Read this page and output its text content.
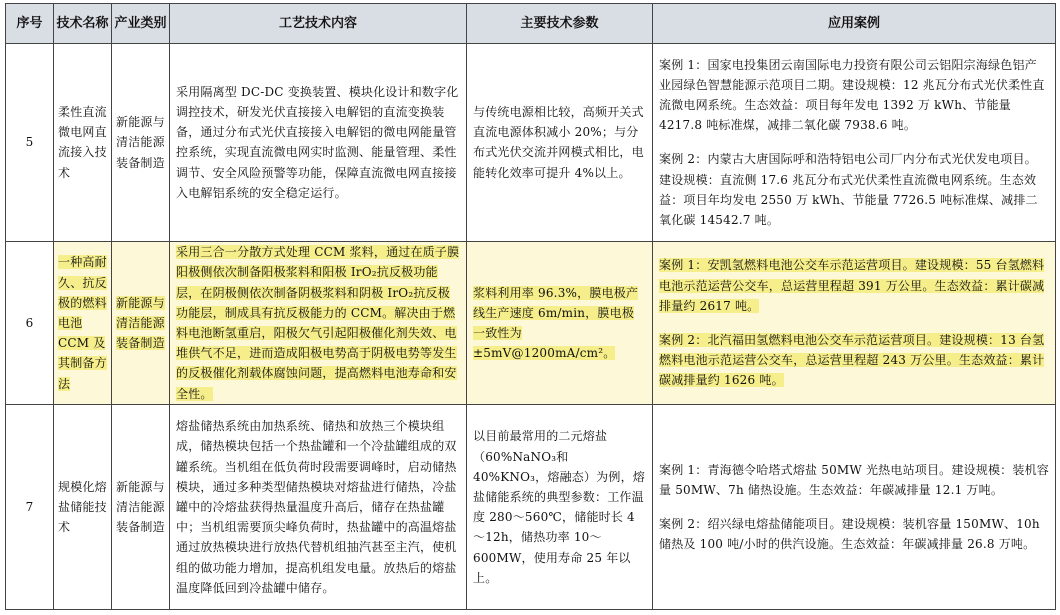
序号	技术名称	产业类别	工艺技术内容	主要技术参数	应用案例
5	柔性直流微电网直流接入技术	新能源与清洁能源装备制造	采用隔离型 DC-DC 变换装置、模块化设计和数字化调控技术，研发光伏直接接入电解铝的直流变换装备，通过分布式光伏直接接入电解铝的微电网能量管控系统，实现直流微电网实时监测、能量管理、柔性调节、安全风险预警等功能，保障直流微电网直接接入电解铝系统的安全稳定运行。	与传统电源相比较，高频开关式直流电源体积减小 20%；与分布式光伏交流并网模式相比，电能转化效率可提升 4%以上。	案例 1：国家电投集团云南国际电力投资有限公司云铝阳宗海绿色铝产业园绿色智慧能源示范项目二期。建设规模：12 兆瓦分布式光伏柔性直流微电网系统。生态效益：项目每年发电 1392 万 kWh、节能量 4217.8 吨标准煤，减排二氧化碳 7938.6 吨。

案例 2：内蒙古大唐国际呼和浩特铝电公司厂内分布式光伏发电项目。建设规模：直流侧 17.6 兆瓦分布式光伏柔性直流微电网系统。生态效益：项目年均发电 2550 万 kWh、节能量 7726.5 吨标准煤、减排二氧化碳 14542.7 吨。

6	一种高耐久、抗反极的燃料电池 CCM 及其制备方法	新能源与清洁能源装备制造	采用三合一分散方式处理 CCM 浆料，通过在质子膜阳极侧依次制备阳极浆料和阳极 IrO₂抗反极功能层，在阴极侧依次制备阴极浆料和阴极 IrO₂抗反极功能层，制成具有抗反极能力的 CCM。解决由于燃料电池断氢重启，阳极欠气引起阳极催化剂失效、电堆供气不足，进而造成阳极电势高于阴极电势等发生的反极催化剂载体腐蚀问题，提高燃料电池寿命和安全性。	浆料利用率 96.3%，膜电极产线生产速度 6m/min，膜电极一致性为±5mV@1200mA/cm²。	案例 1：安凯氢燃料电池公交车示范运营项目。建设规模：55 台氢燃料电池示范运营公交车，总运营里程超 391 万公里。生态效益：累计碳减排量约 2617 吨。

案例 2：北汽福田氢燃料电池公交车示范运营项目。建设规模：13 台氢燃料电池示范运营公交车，总运营里程超 243 万公里。生态效益：累计碳减排量约 1626 吨。

7	规模化熔盐储能技术	新能源与清洁能源装备制造	熔盐储热系统由加热系统、储热和放热三个模块组成，储热模块包括一个热盐罐和一个冷盐罐组成的双罐系统。当机组在低负荷时段需要调峰时，启动储热模块，通过多种类型储热模块对熔盐进行储热，冷盐罐中的冷熔盐获得热量温度升高后，储存在热盐罐中；当机组需要顶尖峰负荷时，热盐罐中的高温熔盐通过放热模块进行放热代替机组抽汽甚至主汽，使机组的做功能力增加，提高机组发电量。放热后的熔盐温度降低回到冷盐罐中储存。	以目前最常用的二元熔盐（60%NaNO₃和 40%KNO₃，熔融态）为例，熔盐储能系统的典型参数：工作温度 280～560℃，储能时长 4～12h，储热功率 10～600MW，使用寿命 25 年以上。	案例 1：青海德令哈塔式熔盐 50MW 光热电站项目。建设规模：装机容量 50MW、7h 储热设施。生态效益：年碳减排量 12.1 万吨。

案例 2：绍兴绿电熔盐储能项目。建设规模：装机容量 150MW、10h 储热及 100 吨/小时的供汽设施。生态效益：年碳减排量 26.8 万吨。
